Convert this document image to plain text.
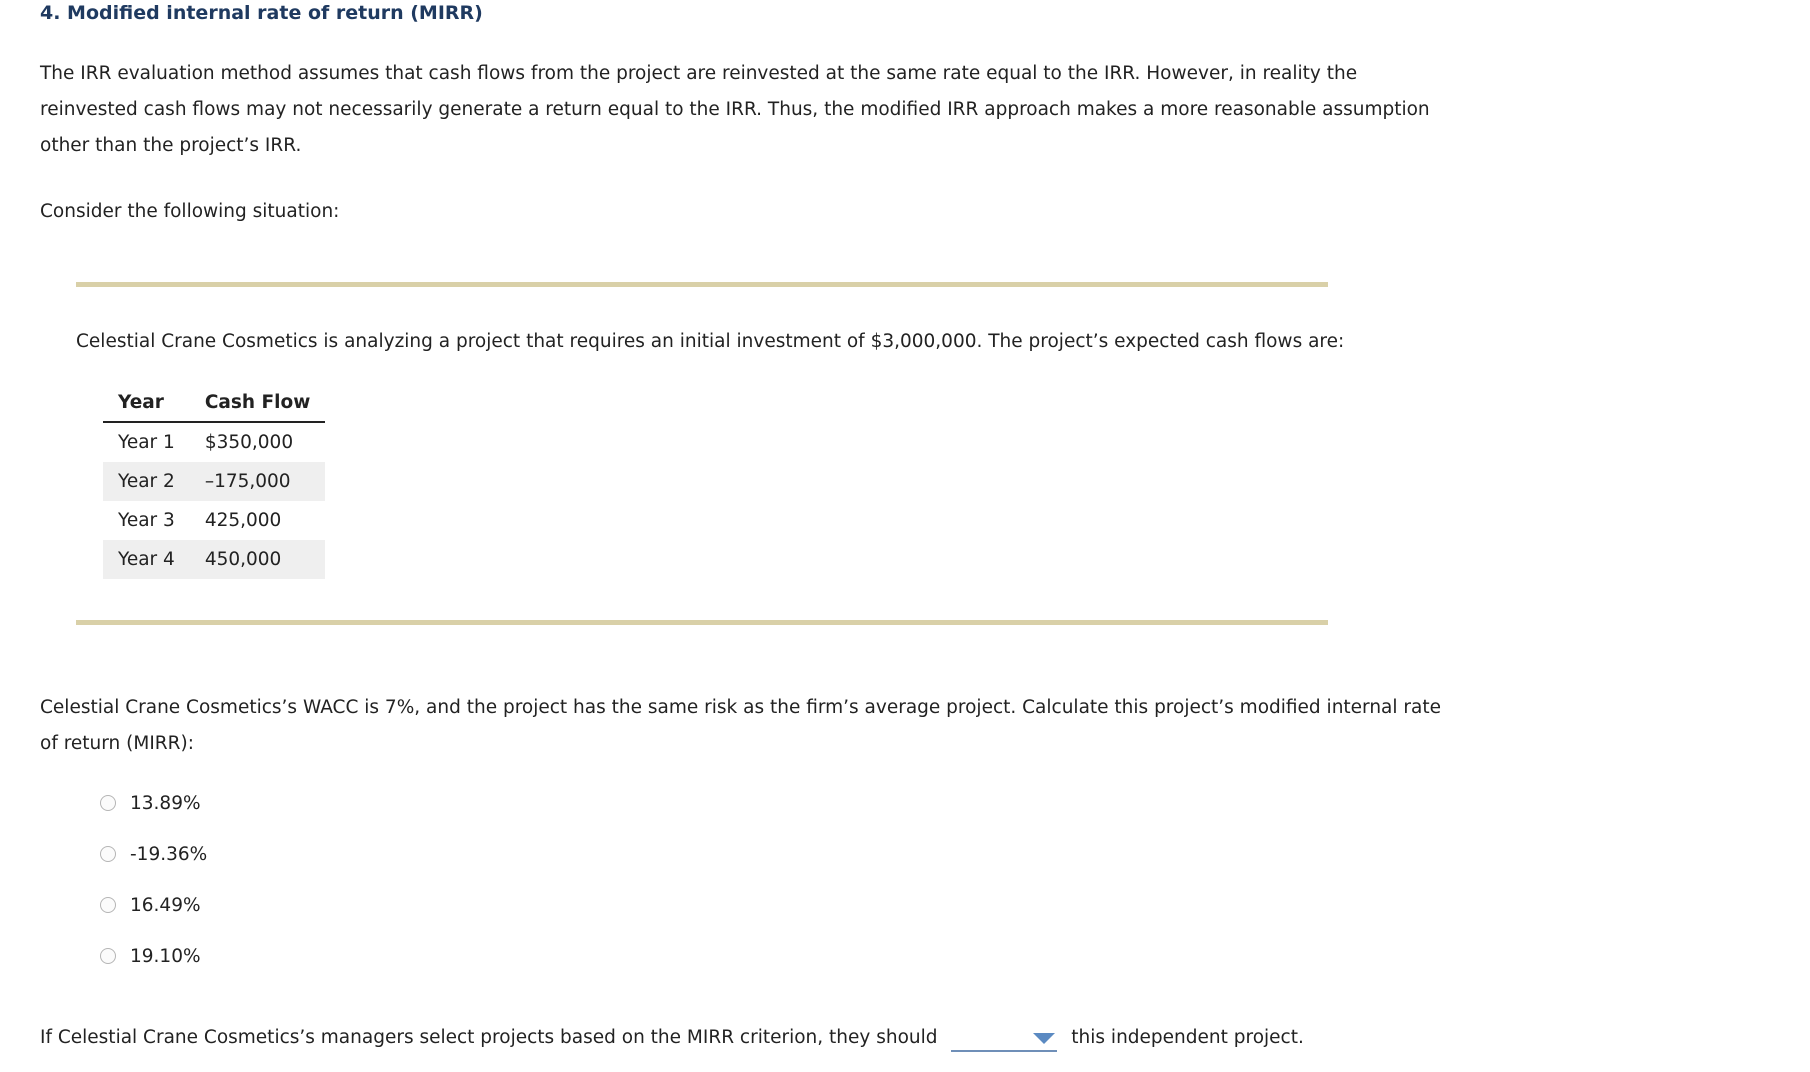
4. Modified internal rate of return (MIRR)

The IRR evaluation method assumes that cash flows from the project are reinvested at the same rate equal to the IRR. However, in reality the reinvested cash flows may not necessarily generate a return equal to the IRR. Thus, the modified IRR approach makes a more reasonable assumption other than the project’s IRR.

Consider the following situation:

Celestial Crane Cosmetics is analyzing a project that requires an initial investment of $3,000,000. The project’s expected cash flows are:

Year	Cash Flow
Year 1	$350,000
Year 2	–175,000
Year 3	425,000
Year 4	450,000

Celestial Crane Cosmetics’s WACC is 7%, and the project has the same risk as the firm’s average project. Calculate this project’s modified internal rate of return (MIRR):

13.89%
-19.36%
16.49%
19.10%

If Celestial Crane Cosmetics’s managers select projects based on the MIRR criterion, they should	this independent project.
